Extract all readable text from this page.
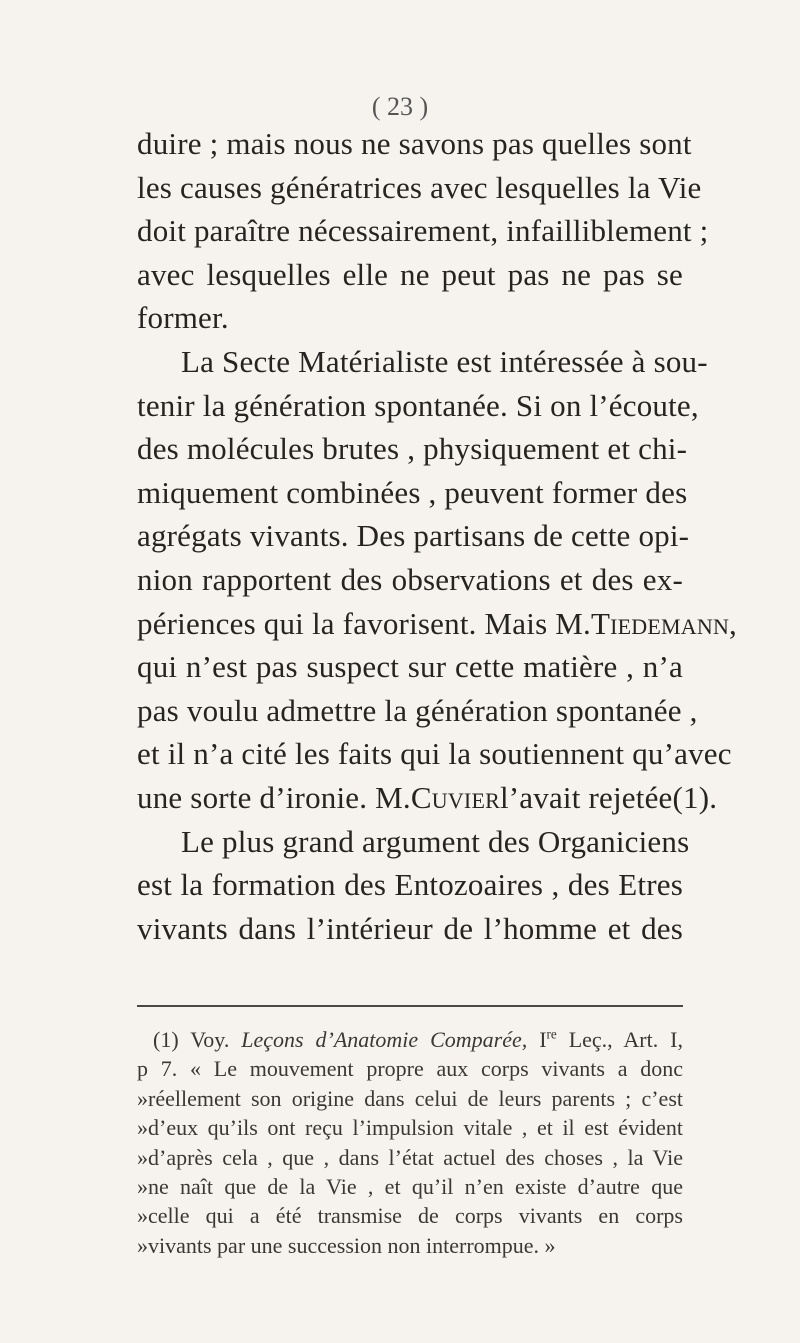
( 23 )
duire ; mais nous ne savons pas quelles sont
les causes génératrices avec lesquelles la Vie
doit paraître nécessairement, infailliblement ;
avec lesquelles elle ne peut pas ne pas se
former.
La Secte Matérialiste est intéressée à sou-
tenir la génération spontanée. Si on l’écoute,
des molécules brutes , physiquement et chi-
miquement combinées , peuvent former des
agrégats vivants. Des partisans de cette opi-
nion rapportent des observations et des ex-
périences qui la favorisent. Mais M.Tiedemann,
qui n’est pas suspect sur cette matière , n’a
pas voulu admettre la génération spontanée ,
et il n’a cité les faits qui la soutiennent qu’avec
une sorte d’ironie. M.Cuvierl’avait rejetée(1).
Le plus grand argument des Organiciens
est la formation des Entozoaires , des Etres
vivants dans l’intérieur de l’homme et des
(1) Voy. Leçons d’Anatomie Comparée, Ire Leç., Art. I,
p 7. « Le mouvement propre aux corps vivants a donc
»réellement son origine dans celui de leurs parents ; c’est
»d’eux qu’ils ont reçu l’impulsion vitale , et il est évident
»d’après cela , que , dans l’état actuel des choses , la Vie
»ne naît que de la Vie , et qu’il n’en existe d’autre que
»celle qui a été transmise de corps vivants en corps
»vivants par une succession non interrompue. »
